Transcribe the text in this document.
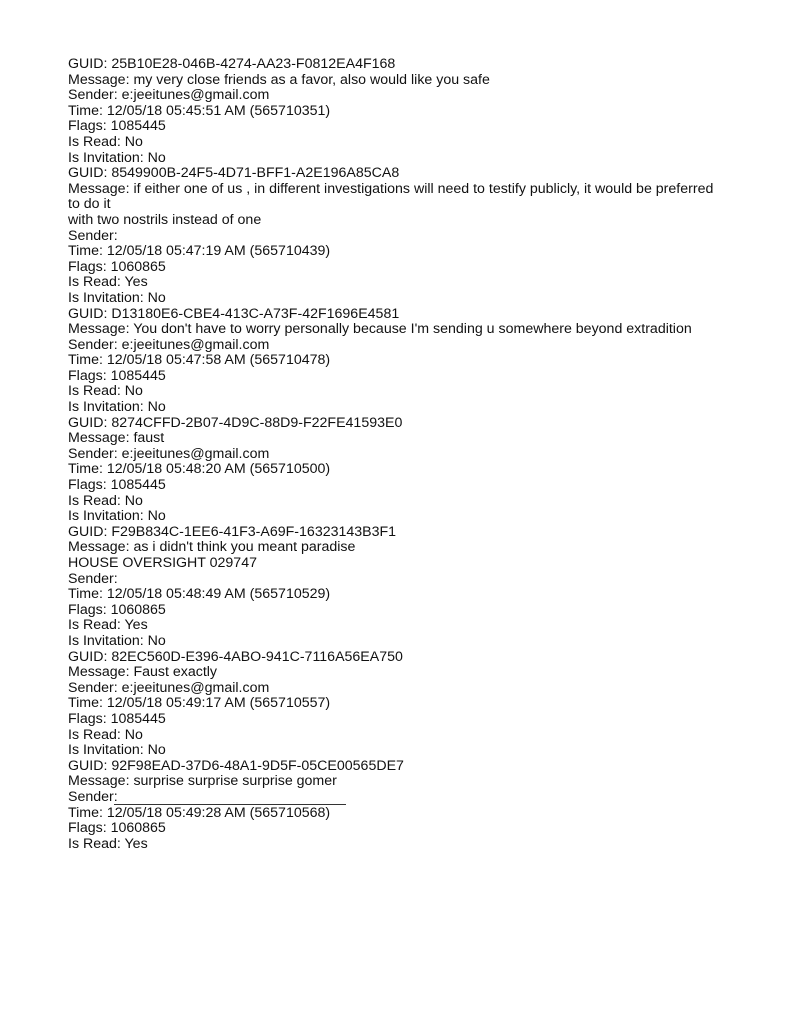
GUID: 25B10E28-046B-4274-AA23-F0812EA4F168
Message: my very close friends as a favor, also would like you safe
Sender: e:jeeitunes@gmail.com
Time: 12/05/18 05:45:51 AM (565710351)
Flags: 1085445
Is Read: No
Is Invitation: No
GUID: 8549900B-24F5-4D71-BFF1-A2E196A85CA8
Message: if either one of us , in different investigations will need to testify publicly, it would be preferred to do it
with two nostrils instead of one
Sender:
Time: 12/05/18 05:47:19 AM (565710439)
Flags: 1060865
Is Read: Yes
Is Invitation: No
GUID: D13180E6-CBE4-413C-A73F-42F1696E4581
Message: You don't have to worry personally because I'm sending u somewhere beyond extradition
Sender: e:jeeitunes@gmail.com
Time: 12/05/18 05:47:58 AM (565710478)
Flags: 1085445
Is Read: No
Is Invitation: No
GUID: 8274CFFD-2B07-4D9C-88D9-F22FE41593E0
Message: faust
Sender: e:jeeitunes@gmail.com
Time: 12/05/18 05:48:20 AM (565710500)
Flags: 1085445
Is Read: No
Is Invitation: No
GUID: F29B834C-1EE6-41F3-A69F-16323143B3F1
Message: as i didn't think you meant paradise
HOUSE OVERSIGHT 029747
Sender:
Time: 12/05/18 05:48:49 AM (565710529)
Flags: 1060865
Is Read: Yes
Is Invitation: No
GUID: 82EC560D-E396-4ABO-941C-7116A56EA750
Message: Faust exactly
Sender: e:jeeitunes@gmail.com
Time: 12/05/18 05:49:17 AM (565710557)
Flags: 1085445
Is Read: No
Is Invitation: No
GUID: 92F98EAD-37D6-48A1-9D5F-05CE00565DE7
Message: surprise surprise surprise gomer
Sender:
Time: 12/05/18 05:49:28 AM (565710568)
Flags: 1060865
Is Read: Yes
